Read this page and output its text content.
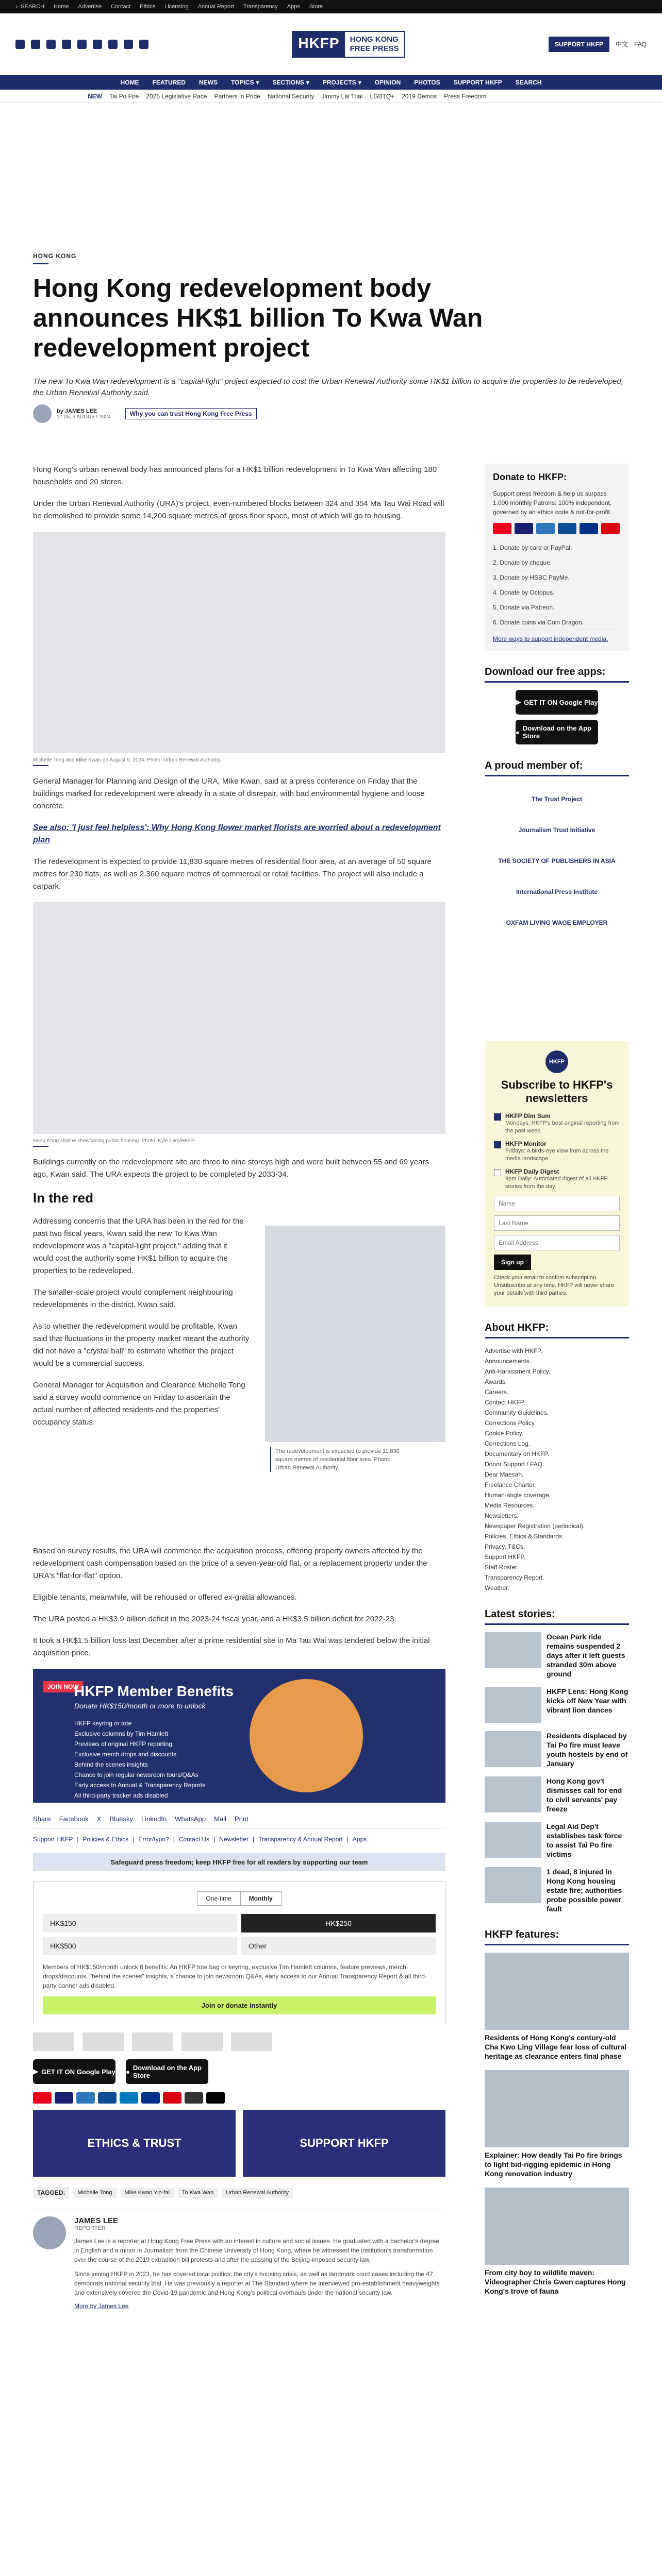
⌕ SEARCH Home Advertise Contact Ethics Licensing Annual Report Transparency Apps Store
HKFP	HONG KONG
FREE PRESS	SUPPORT HKFP	中文 FAQ
HOME FEATURED NEWS TOPICS ▾ SECTIONS ▾ PROJECTS ▾ OPINION PHOTOS SUPPORT HKFP SEARCH
NEW Tai Po Fire 2025 Legislative Race Partners in Pride National Security Jimmy Lai Trial LGBTQ+ 2019 Demos Press Freedom
HONG KONG
Hong Kong redevelopment body announces HK$1 billion To Kwa Wan redevelopment project
The new To Kwa Wan redevelopment is a "capital-light" project expected to cost the Urban Renewal Authority some HK$1 billion to acquire the properties to be redeveloped, the Urban Renewal Authority said.
by JAMES LEE
17:05, 9 AUGUST 2024	Why you can trust Hong Kong Free Press

Hong Kong's urban renewal body has announced plans for a HK$1 billion redevelopment in To Kwa Wan affecting 180 households and 20 stores.

Under the Urban Renewal Authority (URA)'s project, even-numbered blocks between 324 and 354 Ma Tau Wai Road will be demolished to provide some 14,200 square metres of gross floor space, most of which will go to housing.

Michelle Tong and Mike Kwan on August 9, 2024. Photo: Urban Renewal Authority.

General Manager for Planning and Design of the URA, Mike Kwan, said at a press conference on Friday that the buildings marked for redevelopment were already in a state of disrepair, with bad environmental hygiene and loose concrete.

See also: 'I just feel helpless': Why Hong Kong flower market florists are worried about a redevelopment plan

The redevelopment is expected to provide 11,830 square metres of residential floor area, at an average of 50 square metres for 230 flats, as well as 2,360 square metres of commercial or retail facilities. The project will also include a carpark.

Hong Kong skyline showcasing public housing. Photo: Kyle Lam/HKFP.

Buildings currently on the redevelopment site are three to nine storeys high and were built between 55 and 69 years ago, Kwan said. The URA expects the project to be completed by 2033-34.

In the red

Addressing concerns that the URA has been in the red for the past two fiscal years, Kwan said the new To Kwa Wan redevelopment was a "capital-light project," adding that it would cost the authority some HK$1 billion to acquire the properties to be redeveloped.

The smaller-scale project would complement neighbouring redevelopments in the district, Kwan said.

As to whether the redevelopment would be profitable, Kwan said that fluctuations in the property market meant the authority did not have a "crystal ball" to estimate whether the project would be a commercial success.

General Manager for Acquisition and Clearance Michelle Tong said a survey would commence on Friday to ascertain the actual number of affected residents and the properties' occupancy status.

The redevelopment is expected to provide 11,830 square metres of residential floor area. Photo: Urban Renewal Authority.

Based on survey results, the URA will commence the acquisition process, offering property owners affected by the redevelopment cash compensation based on the price of a seven-year-old flat, or a replacement property under the URA's "flat-for-flat" option.

Eligible tenants, meanwhile, will be rehoused or offered ex-gratia allowances.

The URA posted a HK$3.9 billion deficit in the 2023-24 fiscal year, and a HK$3.5 billion deficit for 2022-23.

It took a HK$1.5 billion loss last December after a prime residential site in Ma Tau Wai was tendered below the initial acquisition price.

JOIN NOW
HKFP Member Benefits
Donate HK$150/month or more to unlock
HKFP keyring or tote
Exclusive columns by Tim Hamlett
Previews of original HKFP reporting
Exclusive merch drops and discounts
Behind the scenes insights
Chance to join regular newsroom tours/Q&As
Early access to Annual & Transparency Reports
All third-party tracker ads disabled
Share Facebook X Bluesky LinkedIn WhatsApp Mail Print
Support HKFP | Policies & Ethics | Error/typo? | Contact Us | Newsletter | Transparency & Annual Report | Apps
Safeguard press freedom; keep HKFP free for all readers by supporting our team
One-time	Monthly
HK$150	HK$250
HK$500	Other
Members of HK$150/month unlock 8 benefits: An HKFP tote bag or keyring, exclusive Tim Hamlett columns, feature previews, merch drops/discounts, "behind the scenes" insights, a chance to join newsroom Q&As, early access to our Annual Transparency Report & all third-party banner ads disabled.
Join or donate instantly
▶ GET IT ON Google Play ● Download on the App Store
ETHICS & TRUST	SUPPORT HKFP
TAGGED:	Michelle Tong	Mike Kwan Yin-fai	To Kwa Wan	Urban Renewal Authority
JAMES LEE
REPORTER
James Lee is a reporter at Hong Kong Free Press with an interest in culture and social issues. He graduated with a bachelor's degree in English and a minor in Journalism from the Chinese University of Hong Kong, where he witnessed the institution's transformation over the course of the 2019 extradition bill protests and after the passing of the Beijing-imposed security law.
Since joining HKFP in 2023, he has covered local politics, the city's housing crisis, as well as landmark court cases including the 47 democrats national security trial. He was previously a reporter at The Standard where he interviewed pro-establishment heavyweights and extensively covered the Covid-19 pandemic and Hong Kong's political overhauls under the national security law.
More by James Lee
Donate to HKFP:
Support press freedom & help us surpass 1,000 monthly Patrons: 100% independent, governed by an ethics code & not-for-profit.
1. Donate by card or PayPal.
2. Donate by cheque.
3. Donate by HSBC PayMe.
4. Donate by Octopus.
5. Donate via Patreon.
6. Donate coins via Coin Dragon.
More ways to support independent media.
Download our free apps:
▶ GET IT ON Google Play
● Download on the App Store
A proud member of:
The Trust Project
Journalism Trust Initiative
THE SOCIETY OF PUBLISHERS IN ASIA
International Press Institute
OXFAM LIVING WAGE EMPLOYER
HKFP
Subscribe to HKFP's newsletters
HKFP Dim Sum
Mondays: HKFP's best original reporting from the past week.
HKFP Monitor
Fridays: A birds-eye view from across the media landscape.
HKFP Daily Digest
9pm Daily: Automated digest of all HKFP stories from the day.
Name Last Name Email Address Sign up
Check your email to confirm subscription. Unsubscribe at any time. HKFP will never share your details with third parties.
About HKFP:
Advertise with HKFP.
Announcements.
Anti-Harassment Policy.
Awards.
Careers.
Contact HKFP.
Community Guidelines.
Corrections Policy.
Cookie Policy.
Corrections Log.
Documentary on HKFP.
Donor Support / FAQ.
Dear Maesah.
Freelance Charter.
Human-angle coverage.
Media Resources.
Newsletters.
Newspaper Registration (periodical).
Policies, Ethics & Standards.
Privacy, T&Cs.
Support HKFP.
Staff Roster.
Transparency Report.
Weather.
Latest stories:
Ocean Park ride remains suspended 2 days after it left guests stranded 30m above ground
HKFP Lens: Hong Kong kicks off New Year with vibrant lion dances
Residents displaced by Tai Po fire must leave youth hostels by end of January
Hong Kong gov't dismisses call for end to civil servants' pay freeze
Legal Aid Dep't establishes task force to assist Tai Po fire victims
1 dead, 8 injured in Hong Kong housing estate fire; authorities probe possible power fault
HKFP features:
Residents of Hong Kong's century-old Cha Kwo Ling Village fear loss of cultural heritage as clearance enters final phase
Explainer: How deadly Tai Po fire brings to light bid-rigging epidemic in Hong Kong renovation industry
From city boy to wildlife maven: Videographer Chris Gwen captures Hong Kong's trove of fauna
